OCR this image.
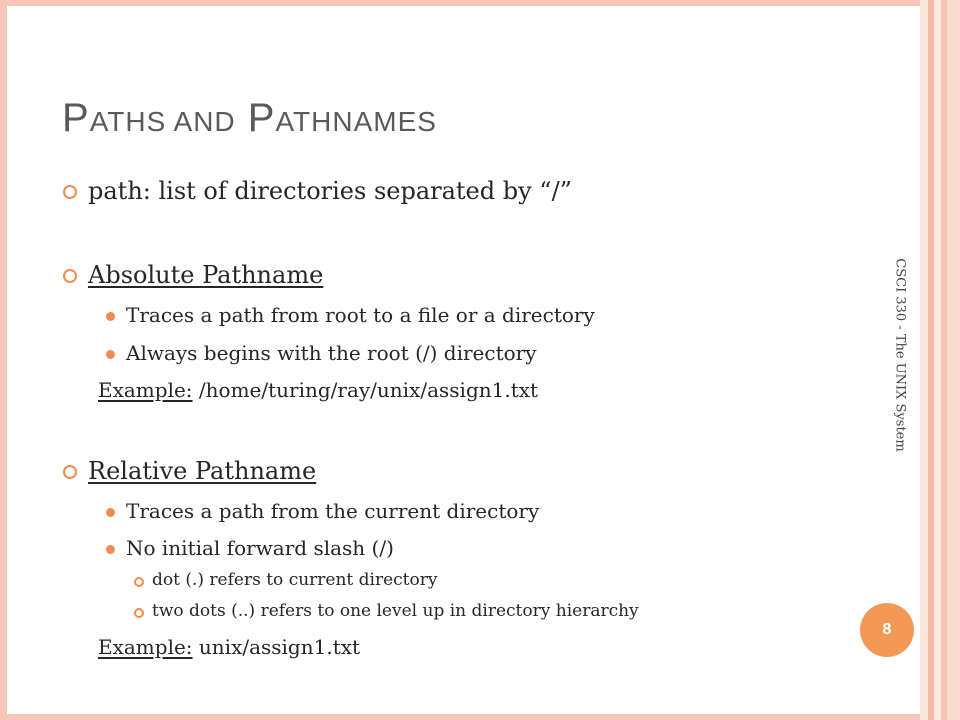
PATHS AND PATHNAMES
path: list of directories separated by “/”
Absolute Pathname
Traces a path from root to a file or a directory
Always begins with the root (/) directory
Example: /home/turing/ray/unix/assign1.txt
Relative Pathname
Traces a path from the current directory
No initial forward slash (/)
dot (.) refers to current directory
two dots (..) refers to one level up in directory hierarchy
Example: unix/assign1.txt
CSCI 330 - The UNIX System
8
